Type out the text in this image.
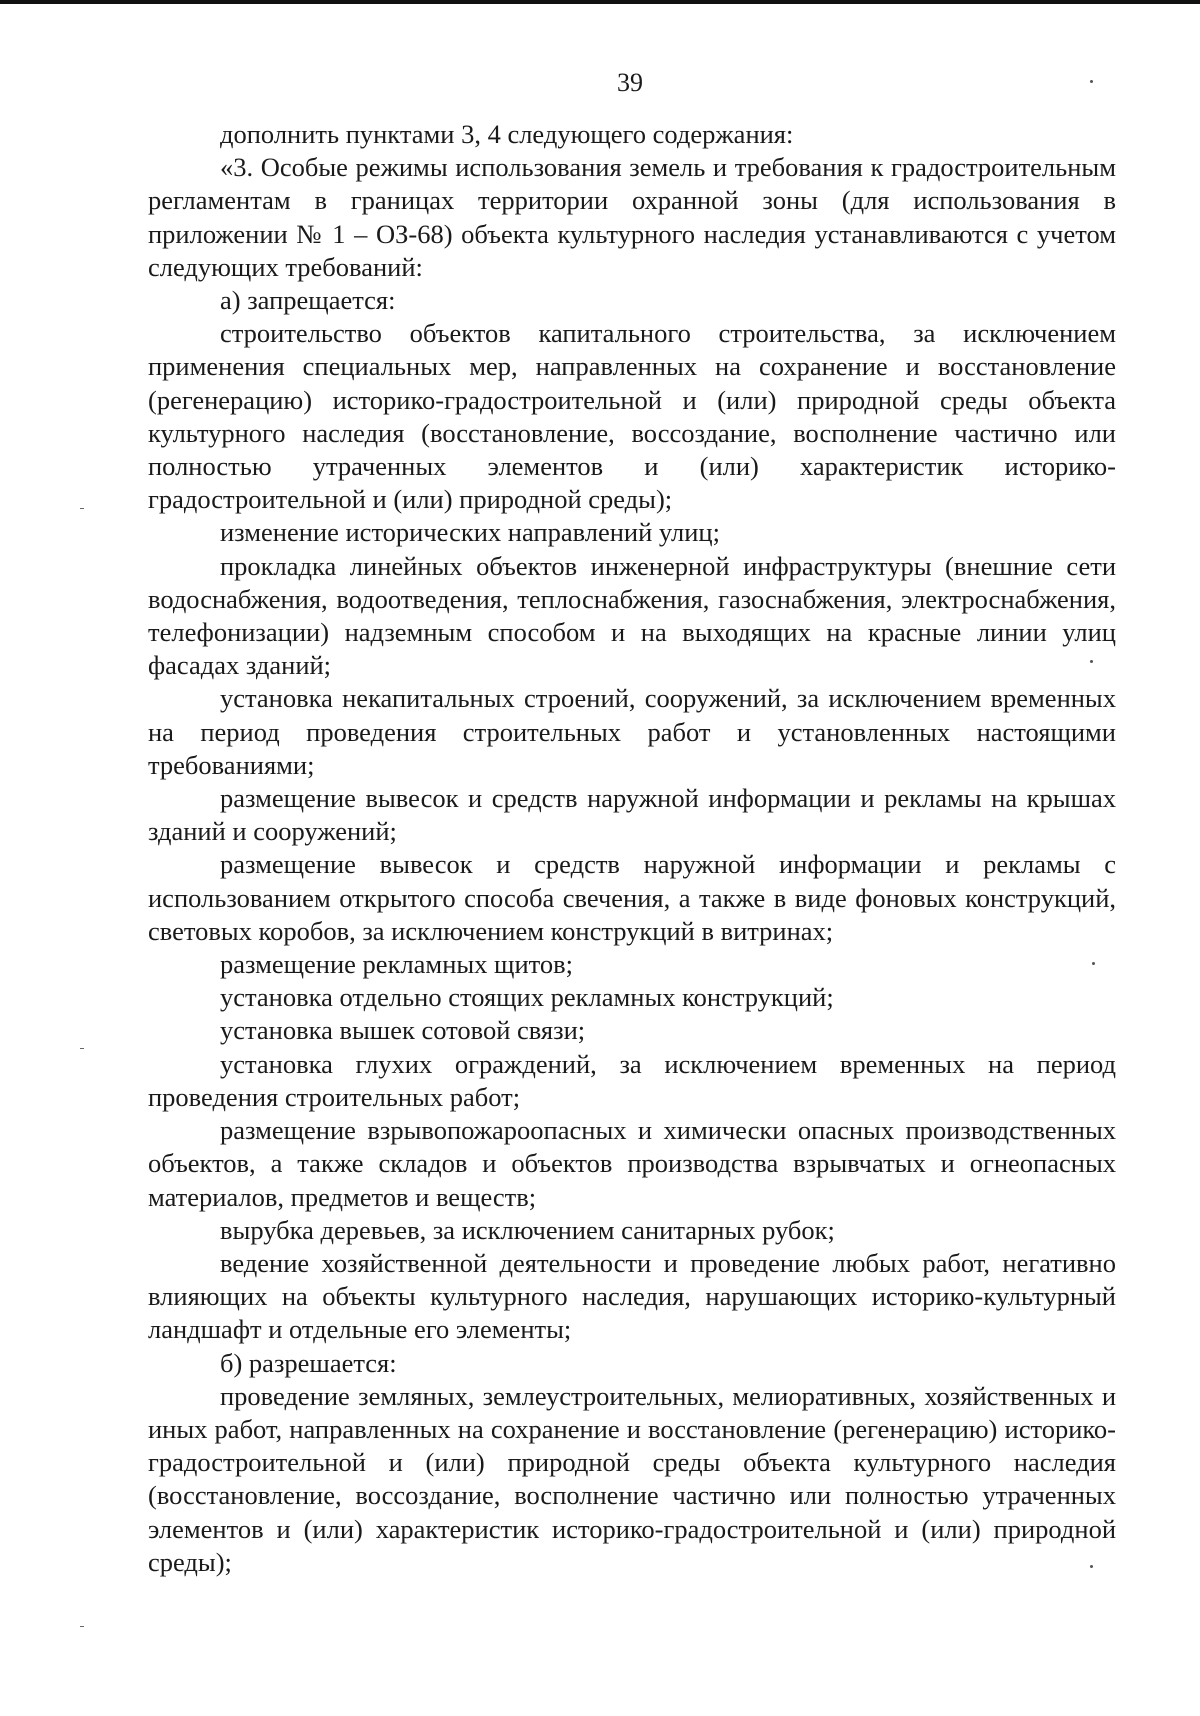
39

дополнить пунктами 3, 4 следующего содержания:

«3. Особые режимы использования земель и требования к градостроительным регламентам в границах территории охранной зоны (для использования в приложении № 1 – ОЗ-68) объекта культурного наследия устанавливаются с учетом следующих требований:

а) запрещается:

строительство объектов капитального строительства, за исключением применения специальных мер, направленных на сохранение и восстановление (регенерацию) историко-градостроительной и (или) природной среды объекта культурного наследия (восстановление, воссоздание, восполнение частично или полностью утраченных элементов и (или) характеристик историко-градостроительной и (или) природной среды);

изменение исторических направлений улиц;

прокладка линейных объектов инженерной инфраструктуры (внешние сети водоснабжения, водоотведения, теплоснабжения, газоснабжения, электроснабжения, телефонизации) надземным способом и на выходящих на красные линии улиц фасадах зданий;

установка некапитальных строений, сооружений, за исключением временных на период проведения строительных работ и установленных настоящими требованиями;

размещение вывесок и средств наружной информации и рекламы на крышах зданий и сооружений;

размещение вывесок и средств наружной информации и рекламы с использованием открытого способа свечения, а также в виде фоновых конструкций, световых коробов, за исключением конструкций в витринах;

размещение рекламных щитов;

установка отдельно стоящих рекламных конструкций;

установка вышек сотовой связи;

установка глухих ограждений, за исключением временных на период проведения строительных работ;

размещение взрывопожароопасных и химически опасных производственных объектов, а также складов и объектов производства взрывчатых и огнеопасных материалов, предметов и веществ;

вырубка деревьев, за исключением санитарных рубок;

ведение хозяйственной деятельности и проведение любых работ, негативно влияющих на объекты культурного наследия, нарушающих историко-культурный ландшафт и отдельные его элементы;

б) разрешается:

проведение земляных, землеустроительных, мелиоративных, хозяйственных и иных работ, направленных на сохранение и восстановление (регенерацию) историко-градостроительной и (или) природной среды объекта культурного наследия (восстановление, воссоздание, восполнение частично или полностью утраченных элементов и (или) характеристик историко-градостроительной и (или) природной среды);
